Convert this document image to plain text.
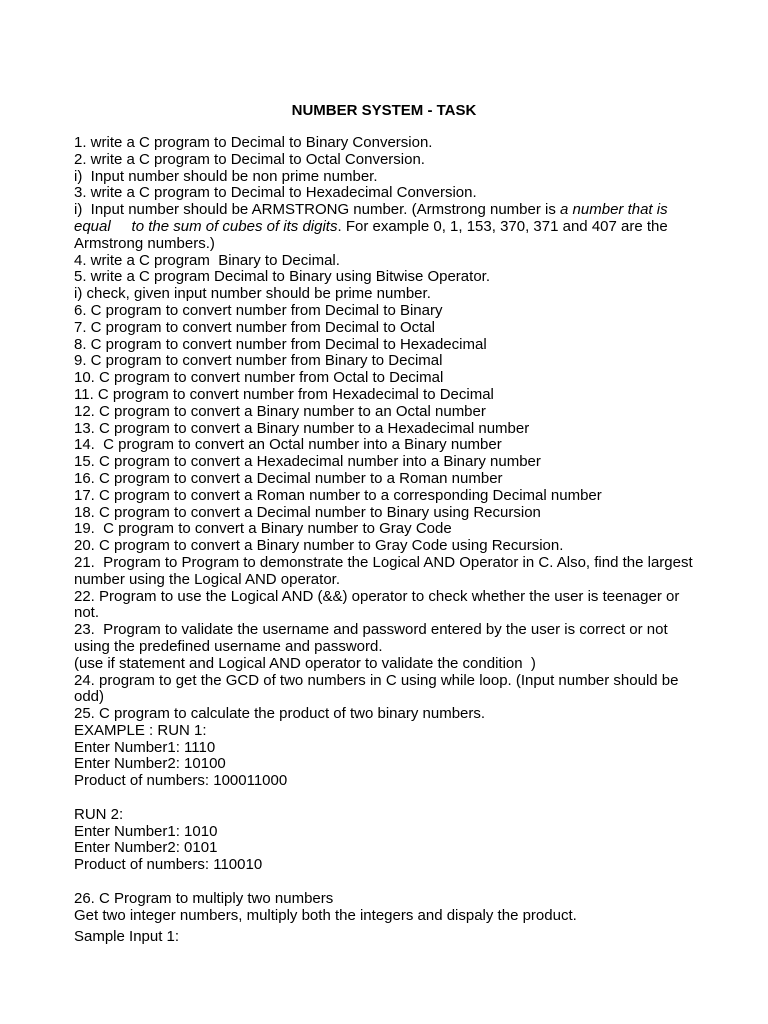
NUMBER SYSTEM - TASK

1. write a C program to Decimal to Binary Conversion.

2. write a C program to Decimal to Octal Conversion.

i)  Input number should be non prime number.

3. write a C program to Decimal to Hexadecimal Conversion.

i)  Input number should be ARMSTRONG number. (Armstrong number is a number that is equal     to the sum of cubes of its digits. For example 0, 1, 153, 370, 371 and 407 are the Armstrong numbers.)

4. write a C program  Binary to Decimal.

5. write a C program Decimal to Binary using Bitwise Operator.

i) check, given input number should be prime number.

6. C program to convert number from Decimal to Binary

7. C program to convert number from Decimal to Octal

8. C program to convert number from Decimal to Hexadecimal

9. C program to convert number from Binary to Decimal

10. C program to convert number from Octal to Decimal

11. C program to convert number from Hexadecimal to Decimal

12. C program to convert a Binary number to an Octal number

13. C program to convert a Binary number to a Hexadecimal number

14.  C program to convert an Octal number into a Binary number

15. C program to convert a Hexadecimal number into a Binary number

16. C program to convert a Decimal number to a Roman number

17. C program to convert a Roman number to a corresponding Decimal number

18. C program to convert a Decimal number to Binary using Recursion

19.  C program to convert a Binary number to Gray Code

20. C program to convert a Binary number to Gray Code using Recursion.

21.  Program to Program to demonstrate the Logical AND Operator in C. Also, find the largest number using the Logical AND operator.

22. Program to use the Logical AND (&&) operator to check whether the user is teenager or not.

23.  Program to validate the username and password entered by the user is correct or not using the predefined username and password.

(use if statement and Logical AND operator to validate the condition  )

24. program to get the GCD of two numbers in C using while loop. (Input number should be odd)

25. C program to calculate the product of two binary numbers.

EXAMPLE : RUN 1:

Enter Number1: 1110

Enter Number2: 10100

Product of numbers: 100011000

RUN 2:

Enter Number1: 1010

Enter Number2: 0101

Product of numbers: 110010

26. C Program to multiply two numbers

Get two integer numbers, multiply both the integers and dispaly the product.

Sample Input 1:
